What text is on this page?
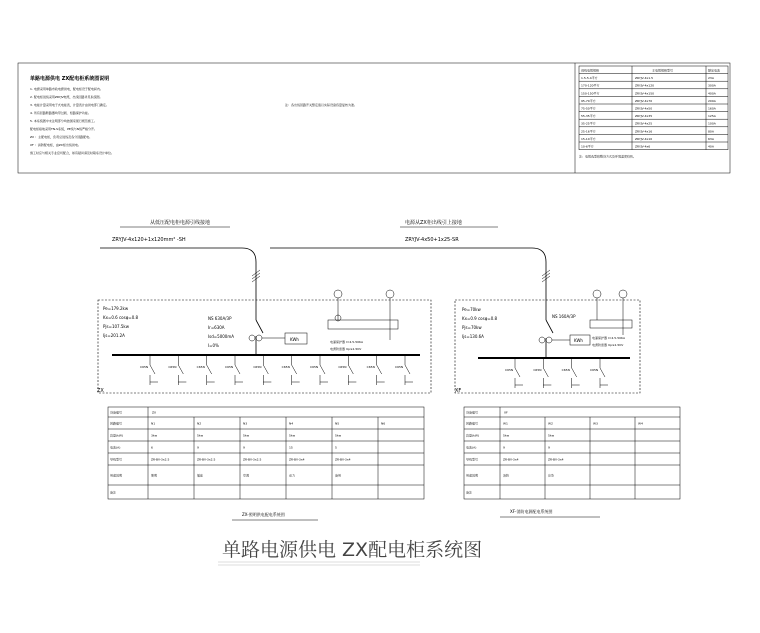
单路电源供电 ZX配电柜系统图说明
1. 电源采用单路市政电源供电，配电柜设于配电间内。
2. 配电柜进线采用ZRYJV电缆，出线回路详见系统图。
3. 电能计量采用电子式电能表，计量表计由供电部门确定。
4. 所有回路断路器均带过载、短路保护功能。
5. 本系统图中未注明部分均按国家现行规范施工。
配电柜接地采用TN-S系统，PE线与N线严格分开。
ZX ：主配电柜，负责总进线及各分回路配电。
XF ：消防配电柜，由ZX柜出线供电。
施工时应与相关专业密切配合，如有疑问请及时联系设计单位。
注：各出线回路开关整定值以实际设备容量复核为准。
进线电缆规格	主电缆规格型号	额定电流
1.5-5.4平方	ZRYJV-4x1.5	23A
170-120平方	ZRYJV-4x120	300A
150-150平方	ZRYJV-4x150	400A
95-70平方	ZRYJV-4x70	200A
75-50平方	ZRYJV-4x50	160A
55-35平方	ZRYJV-4x35	125A
35-25平方	ZRYJV-4x25	100A
25-16平方	ZRYJV-4x16	80A
15-10平方	ZRYJV-4x10	63A
10-6平方	ZRYJV-4x6	40A
注：电缆选型按敷设方式及环境温度校核。
从低压配电柜电源引线接地
ZRYJV-4x120+1x120mm² -SH
电源从ZX柜出线引上接地
ZRYJV-4x50+1x25-SR
ZX
Pe=179.2kw
Kx=0.6 cosφ=0.8
Pjs=107.5kw
Ijs=201.2A
NS 630A/3P
Ir=630A
Isd=5000mA
I=0%
KWh	电涌保护器 I=4.5-50KA
电源防雷器 Up≤1.5KV
C65N	C65N	C65N	C65N	C65N	C65N	C65N	C65N	C65N	C65N
XF
Pe=70kw
Kx=0.9 cosφ=0.8
Pjs=70kw
Ijs=130.6A
NS 160A/3P
KWh	电涌保护器 I=4.5-50KA
电源防雷器 Up≤1.5KV
C65N	C65N	C65N	C65N
设备编号	ZX
回路编号	N1	N2	N3	N4	N5	N6
容量(kW)	3kw	5kw	5kw	5kw	5kw
电流(A)	6	9	9	15	5
导线型号	ZR-BV-3x2.5	ZR-BV-3x2.5	ZR-BV-3x2.5	ZR-BV-3x4	ZR-BV-3x4
用途说明	照明	插座	空调	动力	备用
备注
设备编号	XF
回路编号	W1	W2	W3	W4
容量(kW)	5kw	5kw
电流(A)	9	9
导线型号	ZR-BV-3x4	ZR-BV-3x4
用途说明	消防	应急
备注
ZX-照明供电配电系统图
XF-消防电源配电系统图
单路电源供电 ZX配电柜系统图
